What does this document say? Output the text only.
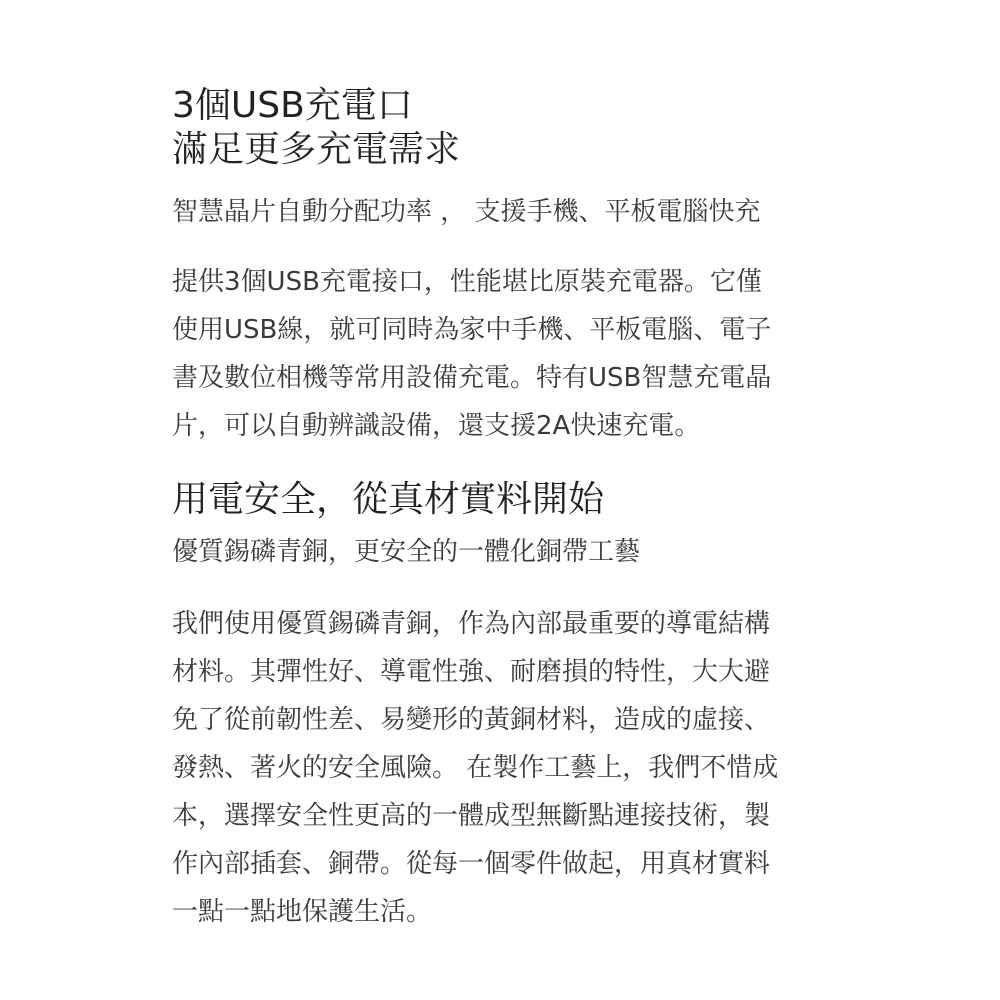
3個USB充電口
滿足更多充電需求
智慧晶片自動分配功率 ， 支援手機、平板電腦快充
提供3個USB充電接口，性能堪比原裝充電器。它僅
使用USB線，就可同時為家中手機、平板電腦、電子
書及數位相機等常用設備充電。特有USB智慧充電晶
片，可以自動辨識設備，還支援2A快速充電。
用電安全，從真材實料開始
優質錫磷青銅，更安全的一體化銅帶工藝
我們使用優質錫磷青銅，作為內部最重要的導電結構
材料。其彈性好、導電性強、耐磨損的特性，大大避
免了從前韌性差、易變形的黃銅材料，造成的虛接、
發熱、著火的安全風險。 在製作工藝上，我們不惜成
本，選擇安全性更高的一體成型無斷點連接技術，製
作內部插套、銅帶。從每一個零件做起，用真材實料
一點一點地保護生活。
